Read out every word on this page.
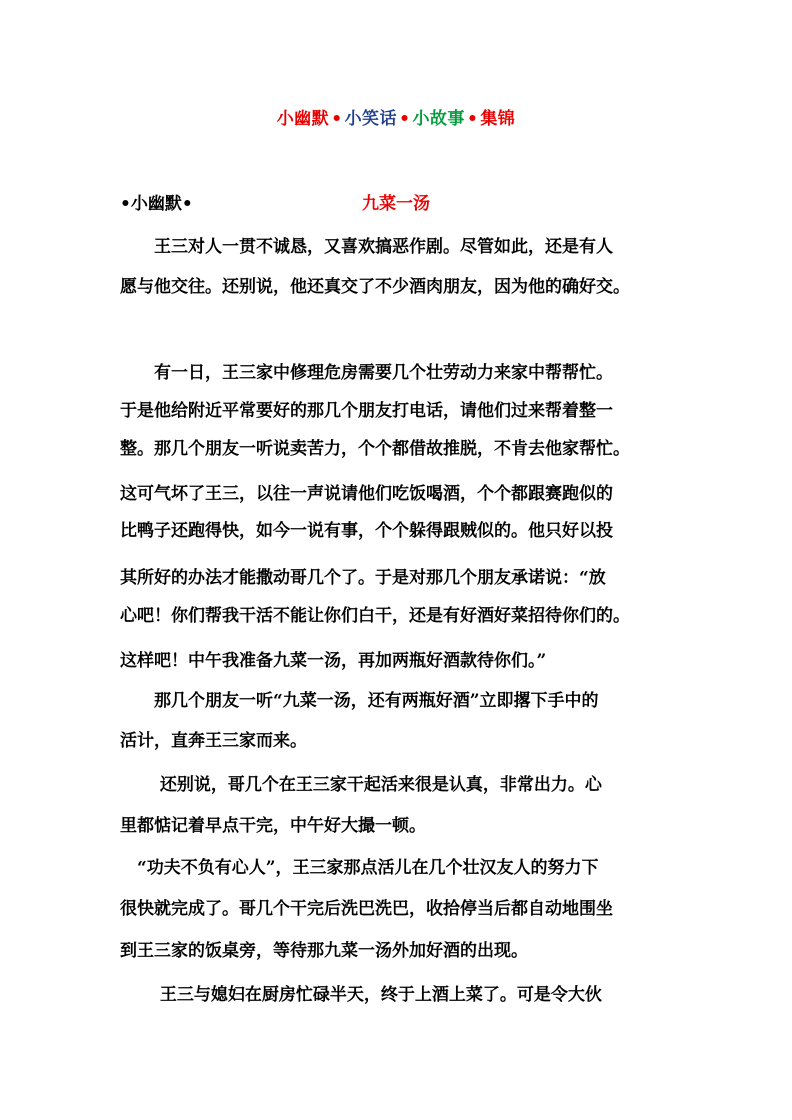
小幽默 • 小笑话 • 小故事 • 集锦
•小幽默•	九菜一汤
　　王三对人一贯不诚恳，又喜欢搞恶作剧。尽管如此，还是有人
愿与他交往。还别说，他还真交了不少酒肉朋友，因为他的确好交。
　　有一日，王三家中修理危房需要几个壮劳动力来家中帮帮忙。
于是他给附近平常要好的那几个朋友打电话，请他们过来帮着整一
整。那几个朋友一听说卖苦力，个个都借故推脱，不肯去他家帮忙。
这可气坏了王三，以往一声说请他们吃饭喝酒，个个都跟赛跑似的
比鸭子还跑得快，如今一说有事，个个躲得跟贼似的。他只好以投
其所好的办法才能撒动哥几个了。于是对那几个朋友承诺说：“放
心吧！你们帮我干活不能让你们白干，还是有好酒好菜招待你们的。
这样吧！中午我准备九菜一汤，再加两瓶好酒款待你们。”
　　那几个朋友一听“九菜一汤，还有两瓶好酒”立即撂下手中的
活计，直奔王三家而来。
　　 还别说，哥几个在王三家干起活来很是认真，非常出力。心
里都惦记着早点干完，中午好大撮一顿。
　“功夫不负有心人”，王三家那点活儿在几个壮汉友人的努力下
很快就完成了。哥几个干完后洗巴洗巴，收拾停当后都自动地围坐
到王三家的饭桌旁，等待那九菜一汤外加好酒的出现。
　　 王三与媳妇在厨房忙碌半天，终于上酒上菜了。可是令大伙
